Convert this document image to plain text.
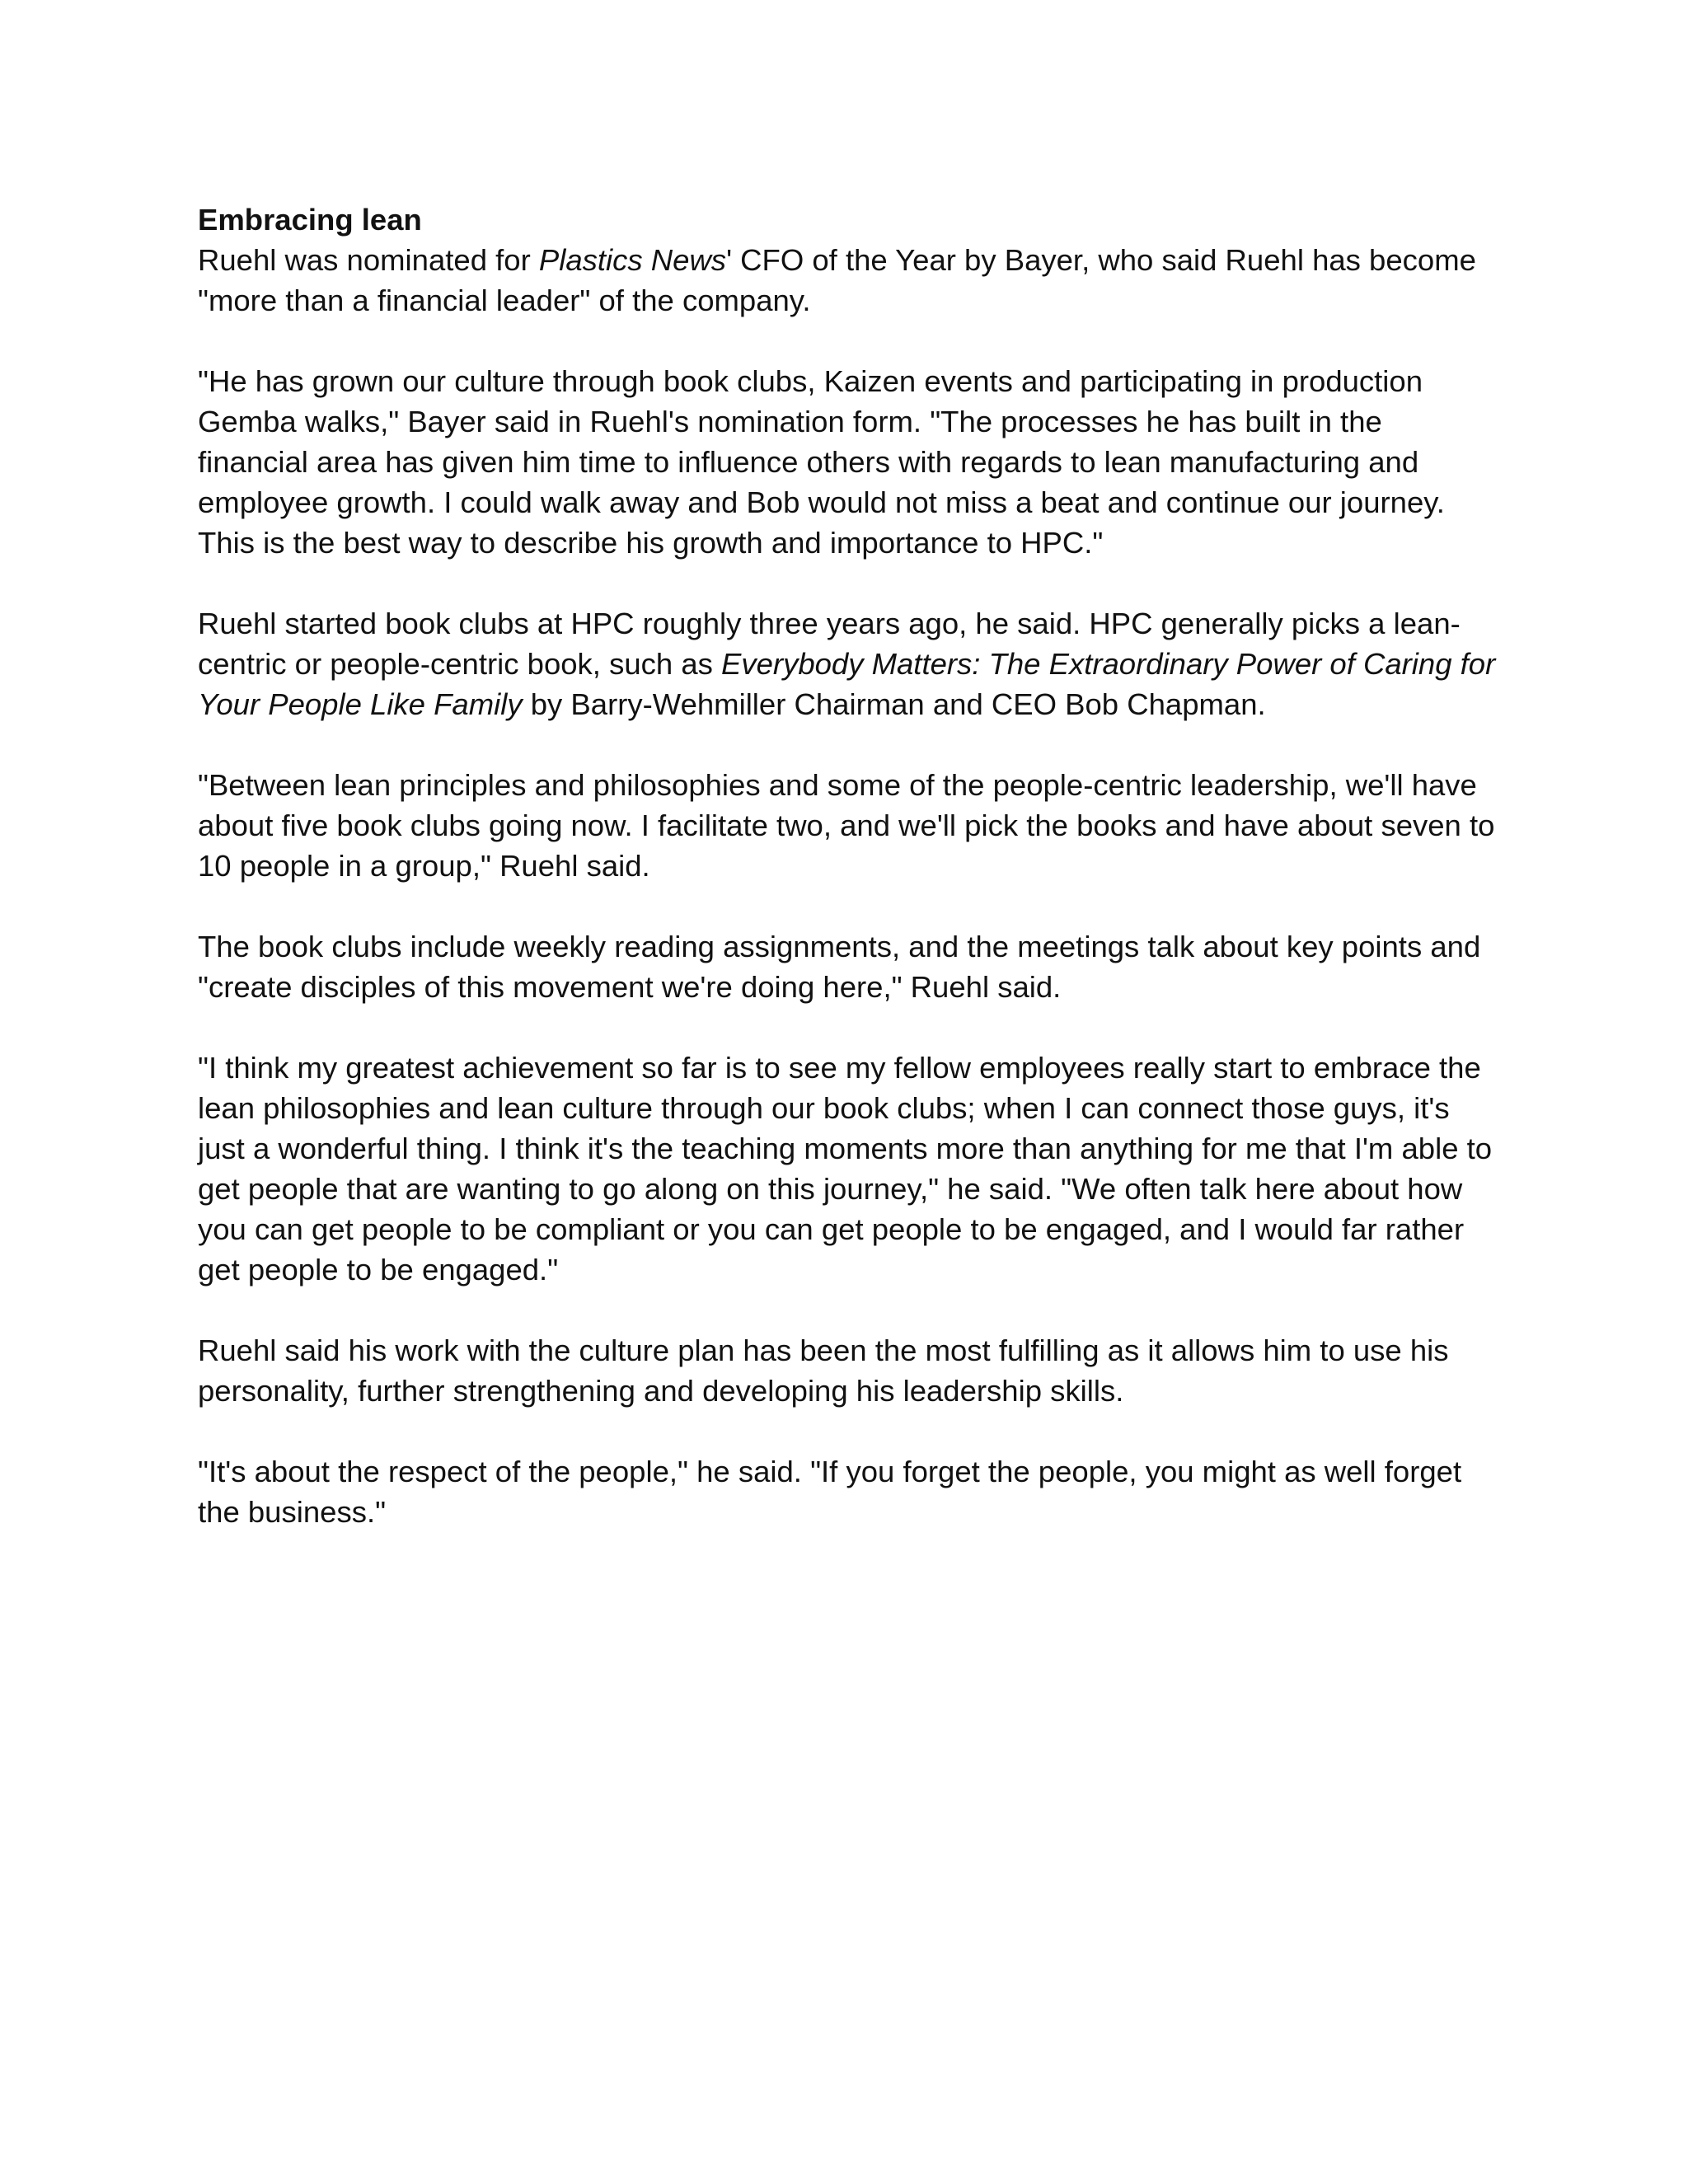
Embracing lean

Ruehl was nominated for Plastics News' CFO of the Year by Bayer, who said Ruehl has become "more than a financial leader" of the company.

"He has grown our culture through book clubs, Kaizen events and participating in production Gemba walks," Bayer said in Ruehl's nomination form. "The processes he has built in the financial area has given him time to influence others with regards to lean manufacturing and employee growth. I could walk away and Bob would not miss a beat and continue our journey. This is the best way to describe his growth and importance to HPC."

Ruehl started book clubs at HPC roughly three years ago, he said. HPC generally picks a lean-centric or people-centric book, such as Everybody Matters: The Extraordinary Power of Caring for Your People Like Family by Barry-Wehmiller Chairman and CEO Bob Chapman.

"Between lean principles and philosophies and some of the people-centric leadership, we'll have about five book clubs going now. I facilitate two, and we'll pick the books and have about seven to 10 people in a group," Ruehl said.

The book clubs include weekly reading assignments, and the meetings talk about key points and "create disciples of this movement we're doing here," Ruehl said.

"I think my greatest achievement so far is to see my fellow employees really start to embrace the lean philosophies and lean culture through our book clubs; when I can connect those guys, it's just a wonderful thing. I think it's the teaching moments more than anything for me that I'm able to get people that are wanting to go along on this journey," he said. "We often talk here about how you can get people to be compliant or you can get people to be engaged, and I would far rather get people to be engaged."

Ruehl said his work with the culture plan has been the most fulfilling as it allows him to use his personality, further strengthening and developing his leadership skills.

"It's about the respect of the people," he said. "If you forget the people, you might as well forget the business."
